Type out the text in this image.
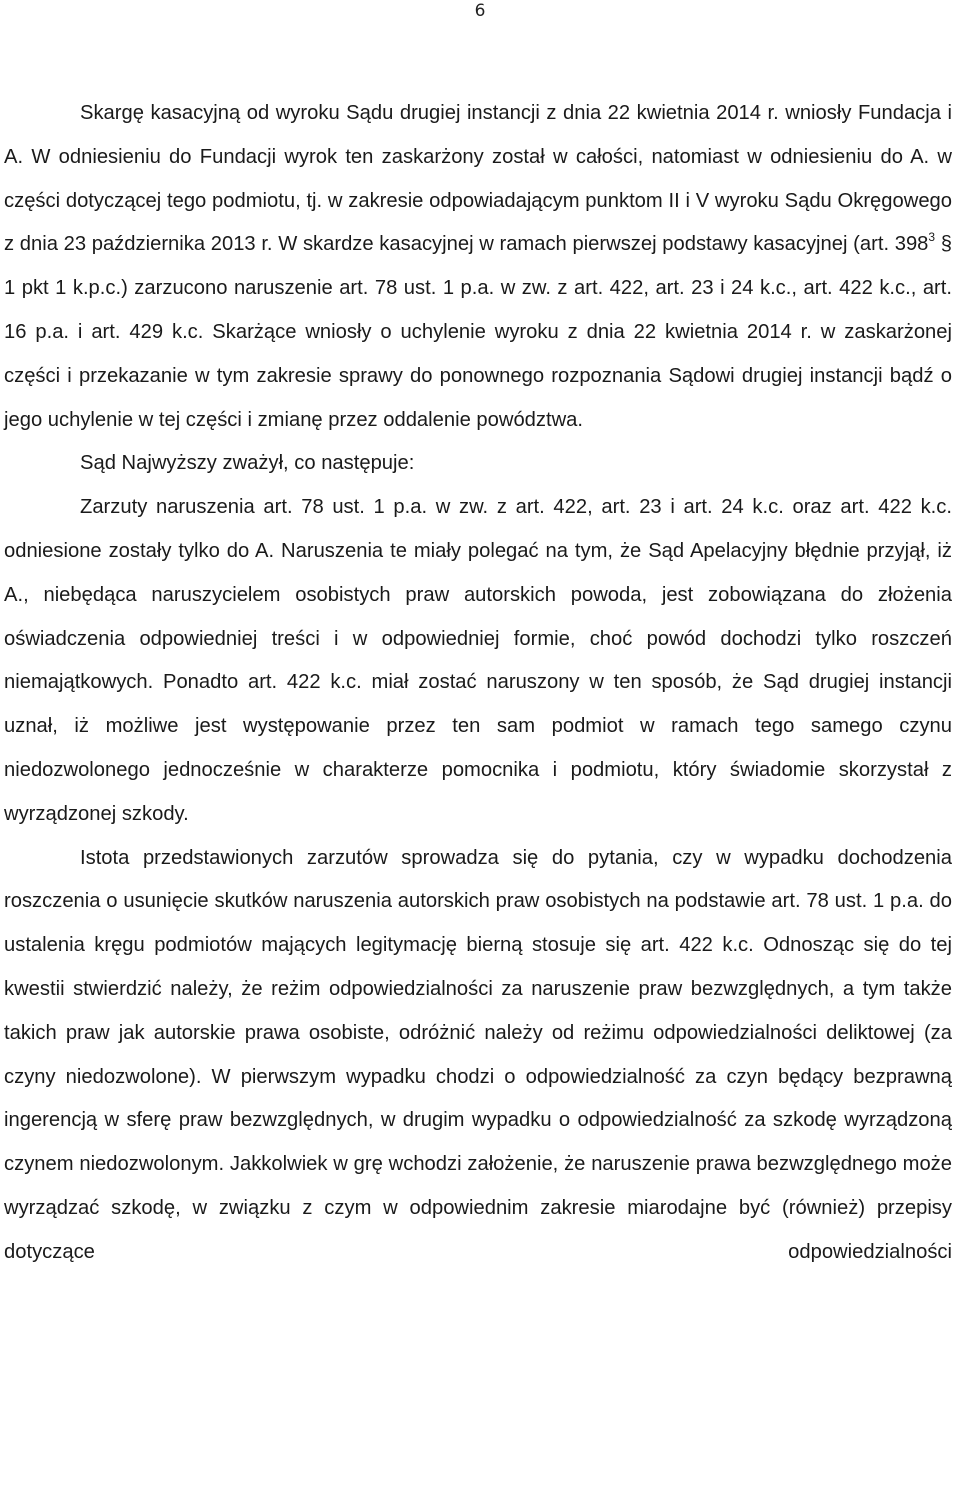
6

Skargę kasacyjną od wyroku Sądu drugiej instancji z dnia 22 kwietnia 2014 r. wniosły Fundacja i A. W odniesieniu do Fundacji wyrok ten zaskarżony został w całości, natomiast w odniesieniu do A. w części dotyczącej tego podmiotu, tj. w zakresie odpowiadającym punktom II i V wyroku Sądu Okręgowego z dnia 23 października 2013 r. W skardze kasacyjnej w ramach pierwszej podstawy kasacyjnej (art. 398$^3$ § 1 pkt 1 k.p.c.) zarzucono naruszenie art. 78 ust. 1 p.a. w zw. z art. 422, art. 23 i 24 k.c., art. 422 k.c., art. 16 p.a. i art. 429 k.c. Skarżące wniosły o uchylenie wyroku z dnia 22 kwietnia 2014 r. w zaskarżonej części i przekazanie w tym zakresie sprawy do ponownego rozpoznania Sądowi drugiej instancji bądź o jego uchylenie w tej części i zmianę przez oddalenie powództwa.

Sąd Najwyższy zważył, co następuje:

Zarzuty naruszenia art. 78 ust. 1 p.a. w zw. z art. 422, art. 23 i art. 24 k.c. oraz art. 422 k.c. odniesione zostały tylko do A. Naruszenia te miały polegać na tym, że Sąd Apelacyjny błędnie przyjął, iż A., niebędąca naruszycielem osobistych praw autorskich powoda, jest zobowiązana do złożenia oświadczenia odpowiedniej treści i w odpowiedniej formie, choć powód dochodzi tylko roszczeń niemajątkowych. Ponadto art. 422 k.c. miał zostać naruszony w ten sposób, że Sąd drugiej instancji uznał, iż możliwe jest występowanie przez ten sam podmiot w ramach tego samego czynu niedozwolonego jednocześnie w charakterze pomocnika i podmiotu, który świadomie skorzystał z wyrządzonej szkody.

Istota przedstawionych zarzutów sprowadza się do pytania, czy w wypadku dochodzenia roszczenia o usunięcie skutków naruszenia autorskich praw osobistych na podstawie art. 78 ust. 1 p.a. do ustalenia kręgu podmiotów mających legitymację bierną stosuje się art. 422 k.c. Odnosząc się do tej kwestii stwierdzić należy, że reżim odpowiedzialności za naruszenie praw bezwzględnych, a tym także takich praw jak autorskie prawa osobiste, odróżnić należy od reżimu odpowiedzialności deliktowej (za czyny niedozwolone). W pierwszym wypadku chodzi o odpowiedzialność za czyn będący bezprawną ingerencją w sferę praw bezwzględnych, w drugim wypadku o odpowiedzialność za szkodę wyrządzoną czynem niedozwolonym. Jakkolwiek w grę wchodzi założenie, że naruszenie prawa bezwzględnego może wyrządzać szkodę, w związku z czym w odpowiednim zakresie miarodajne być (również) przepisy dotyczące odpowiedzialności
